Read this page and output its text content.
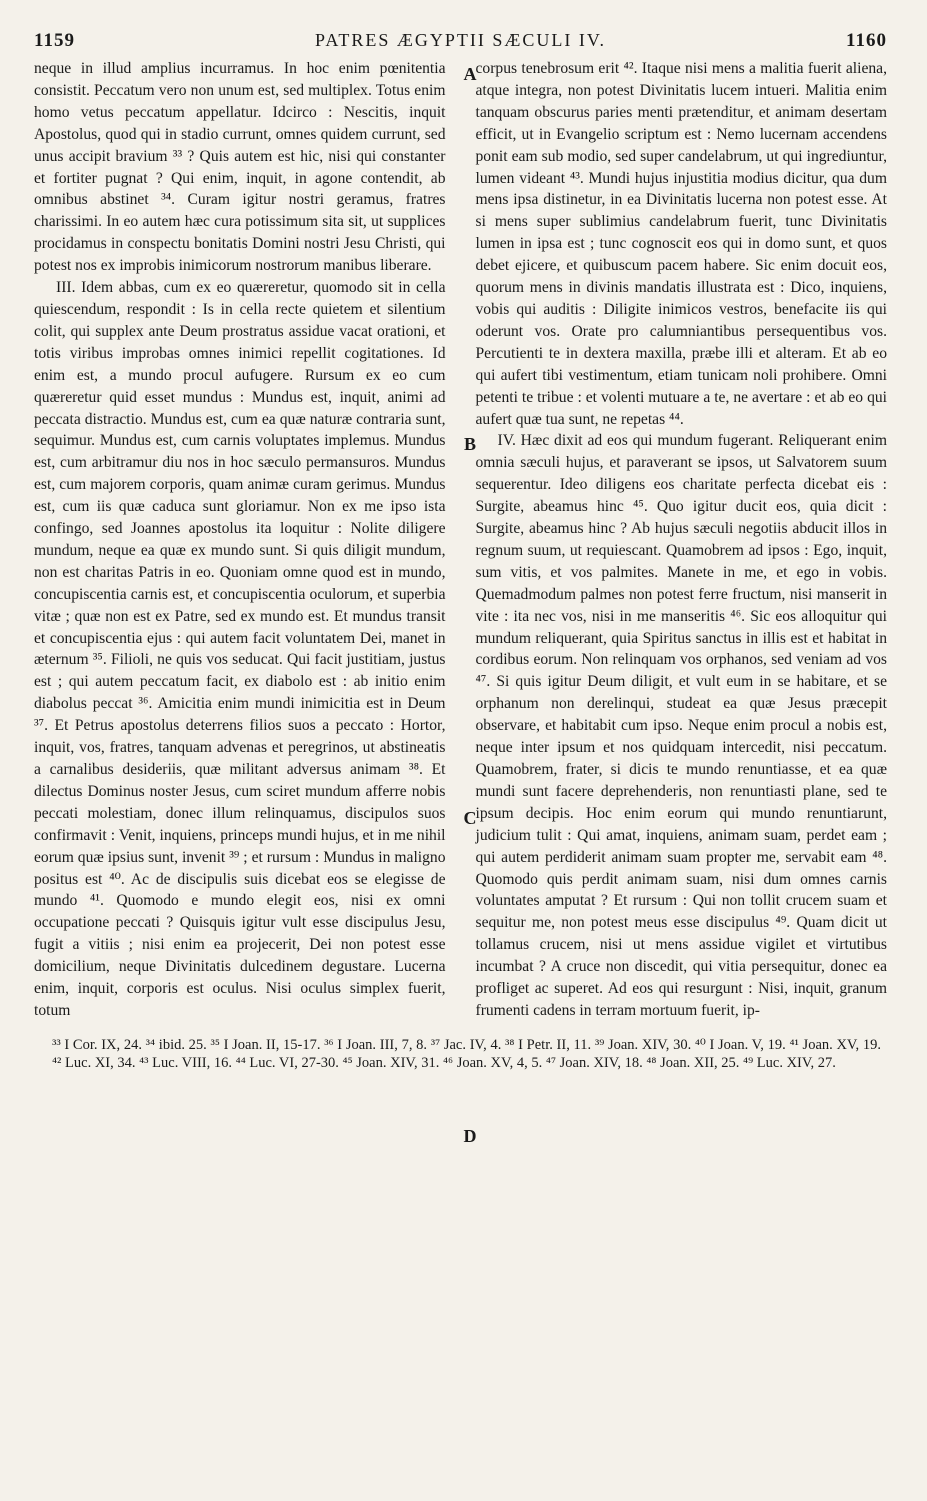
1159	PATRES ÆGYPTII SÆCULI IV.	1160

neque in illud amplius incurramus. In hoc enim pœnitentia consistit. Peccatum vero non unum est, sed multiplex. Totus enim homo vetus peccatum appellatur. Idcirco : Nescitis, inquit Apostolus, quod qui in stadio currunt, omnes quidem currunt, sed unus accipit bravium ³³ ? Quis autem est hic, nisi qui constanter et fortiter pugnat ? Qui enim, inquit, in agone contendit, ab omnibus abstinet ³⁴. Curam igitur nostri geramus, fratres charissimi. In eo autem hæc cura potissimum sita sit, ut supplices procidamus in conspectu bonitatis Domini nostri Jesu Christi, qui potest nos ex improbis inimicorum nostrorum manibus liberare.

III. Idem abbas, cum ex eo quæreretur, quomodo sit in cella quiescendum, respondit : Is in cella recte quietem et silentium colit, qui supplex ante Deum prostratus assidue vacat orationi, et totis viribus improbas omnes inimici repellit cogitationes. Id enim est, a mundo procul aufugere. Rursum ex eo cum quæreretur quid esset mundus : Mundus est, inquit, animi ad peccata distractio. Mundus est, cum ea quæ naturæ contraria sunt, sequimur. Mundus est, cum carnis voluptates implemus. Mundus est, cum arbitramur diu nos in hoc sæculo permansuros. Mundus est, cum majorem corporis, quam animæ curam gerimus. Mundus est, cum iis quæ caduca sunt gloriamur. Non ex me ipso ista confingo, sed Joannes apostolus ita loquitur : Nolite diligere mundum, neque ea quæ ex mundo sunt. Si quis diligit mundum, non est charitas Patris in eo. Quoniam omne quod est in mundo, concupiscentia carnis est, et concupiscentia oculorum, et superbia vitæ ; quæ non est ex Patre, sed ex mundo est. Et mundus transit et concupiscentia ejus : qui autem facit voluntatem Dei, manet in æternum ³⁵. Filioli, ne quis vos seducat. Qui facit justitiam, justus est ; qui autem peccatum facit, ex diabolo est : ab initio enim diabolus peccat ³⁶. Amicitia enim mundi inimicitia est in Deum ³⁷. Et Petrus apostolus deterrens filios suos a peccato : Hortor, inquit, vos, fratres, tanquam advenas et peregrinos, ut abstineatis a carnalibus desideriis, quæ militant adversus animam ³⁸. Et dilectus Dominus noster Jesus, cum sciret mundum afferre nobis peccati molestiam, donec illum relinquamus, discipulos suos confirmavit : Venit, inquiens, princeps mundi hujus, et in me nihil eorum quæ ipsius sunt, invenit ³⁹ ; et rursum : Mundus in maligno positus est ⁴⁰. Ac de discipulis suis dicebat eos se elegisse de mundo ⁴¹. Quomodo e mundo elegit eos, nisi ex omni occupatione peccati ? Quisquis igitur vult esse discipulus Jesu, fugit a vitiis ; nisi enim ea projecerit, Dei non potest esse domicilium, neque Divinitatis dulcedinem degustare. Lucerna enim, inquit, corporis est oculus. Nisi oculus simplex fuerit, totum

A
B
C
D

corpus tenebrosum erit ⁴². Itaque nisi mens a malitia fuerit aliena, atque integra, non potest Divinitatis lucem intueri. Malitia enim tanquam obscurus paries menti prætenditur, et animam desertam efficit, ut in Evangelio scriptum est : Nemo lucernam accendens ponit eam sub modio, sed super candelabrum, ut qui ingrediuntur, lumen videant ⁴³. Mundi hujus injustitia modius dicitur, qua dum mens ipsa distinetur, in ea Divinitatis lucerna non potest esse. At si mens super sublimius candelabrum fuerit, tunc Divinitatis lumen in ipsa est ; tunc cognoscit eos qui in domo sunt, et quos debet ejicere, et quibuscum pacem habere. Sic enim docuit eos, quorum mens in divinis mandatis illustrata est : Dico, inquiens, vobis qui auditis : Diligite inimicos vestros, benefacite iis qui oderunt vos. Orate pro calumniantibus persequentibus vos. Percutienti te in dextera maxilla, præbe illi et alteram. Et ab eo qui aufert tibi vestimentum, etiam tunicam noli prohibere. Omni petenti te tribue : et volenti mutuare a te, ne avertare : et ab eo qui aufert quæ tua sunt, ne repetas ⁴⁴.

IV. Hæc dixit ad eos qui mundum fugerant. Reliquerant enim omnia sæculi hujus, et paraverant se ipsos, ut Salvatorem suum sequerentur. Ideo diligens eos charitate perfecta dicebat eis : Surgite, abeamus hinc ⁴⁵. Quo igitur ducit eos, quia dicit : Surgite, abeamus hinc ? Ab hujus sæculi negotiis abducit illos in regnum suum, ut requiescant. Quamobrem ad ipsos : Ego, inquit, sum vitis, et vos palmites. Manete in me, et ego in vobis. Quemadmodum palmes non potest ferre fructum, nisi manserit in vite : ita nec vos, nisi in me manseritis ⁴⁶. Sic eos alloquitur qui mundum reliquerant, quia Spiritus sanctus in illis est et habitat in cordibus eorum. Non relinquam vos orphanos, sed veniam ad vos ⁴⁷. Si quis igitur Deum diligit, et vult eum in se habitare, et se orphanum non derelinqui, studeat ea quæ Jesus præcepit observare, et habitabit cum ipso. Neque enim procul a nobis est, neque inter ipsum et nos quidquam intercedit, nisi peccatum. Quamobrem, frater, si dicis te mundo renuntiasse, et ea quæ mundi sunt facere deprehenderis, non renuntiasti plane, sed te ipsum decipis. Hoc enim eorum qui mundo renuntiarunt, judicium tulit : Qui amat, inquiens, animam suam, perdet eam ; qui autem perdiderit animam suam propter me, servabit eam ⁴⁸. Quomodo quis perdit animam suam, nisi dum omnes carnis voluntates amputat ? Et rursum : Qui non tollit crucem suam et sequitur me, non potest meus esse discipulus ⁴⁹. Quam dicit ut tollamus crucem, nisi ut mens assidue vigilet et virtutibus incumbat ? A cruce non discedit, qui vitia persequitur, donec ea profliget ac superet. Ad eos qui resurgunt : Nisi, inquit, granum frumenti cadens in terram mortuum fuerit, ip-

³³ I Cor. IX, 24. ³⁴ ibid. 25. ³⁵ I Joan. II, 15-17. ³⁶ I Joan. III, 7, 8. ³⁷ Jac. IV, 4. ³⁸ I Petr. II, 11. ³⁹ Joan. XIV, 30. ⁴⁰ I Joan. V, 19. ⁴¹ Joan. XV, 19. ⁴² Luc. XI, 34. ⁴³ Luc. VIII, 16. ⁴⁴ Luc. VI, 27-30. ⁴⁵ Joan. XIV, 31. ⁴⁶ Joan. XV, 4, 5. ⁴⁷ Joan. XIV, 18. ⁴⁸ Joan. XII, 25. ⁴⁹ Luc. XIV, 27.
